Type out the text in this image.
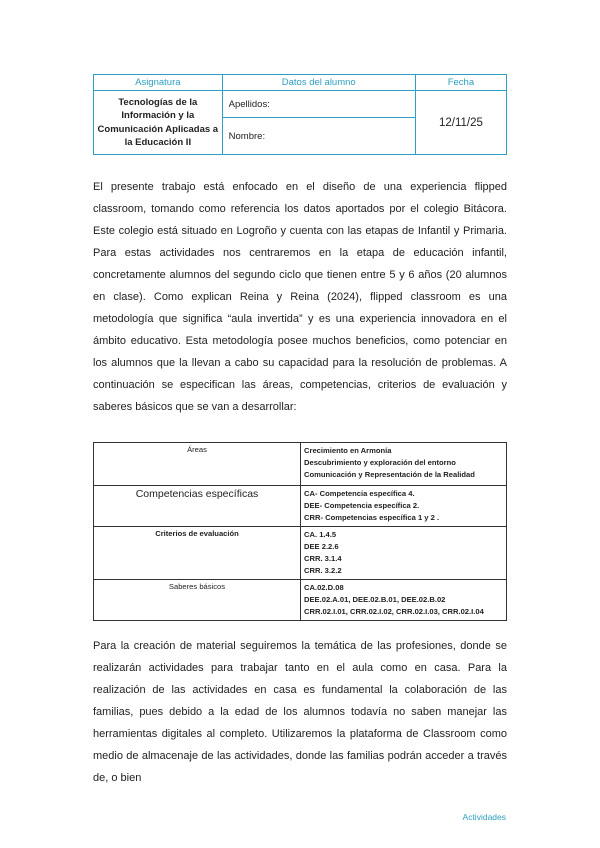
Asignatura	Datos del alumno	Fecha
Tecnologías de la Información y la Comunicación Aplicadas a la Educación II	Apellidos:	12/11/25
	Nombre:	

El presente trabajo está enfocado en el diseño de una experiencia flipped classroom, tomando como referencia los datos aportados por el colegio Bitácora. Este colegio está situado en Logroño y cuenta con las etapas de Infantil y Primaria. Para estas actividades nos centraremos en la etapa de educación infantil, concretamente alumnos del segundo ciclo que tienen entre 5 y 6 años (20 alumnos en clase). Como explican Reina y Reina (2024), flipped classroom es una metodología que significa “aula invertida” y es una experiencia innovadora en el ámbito educativo. Esta metodología posee muchos beneficios, como potenciar en los alumnos que la llevan a cabo su capacidad para la resolución de problemas. A continuación se especifican las áreas, competencias, criterios de evaluación y saberes básicos que se van a desarrollar:

Áreas	Crecimiento en Armonía
Descubrimiento y exploración del entorno
Comunicación y Representación de la Realidad

Competencias específicas	CA- Competencia específica 4.
DEE- Competencia específica 2.
CRR- Competencias específica 1 y 2 .

Criterios de evaluación	CA. 1.4.5
DEE 2.2.6
CRR. 3.1.4
CRR. 3.2.2

Saberes básicos	CA.02.D.08
DEE.02.A.01, DEE.02.B.01, DEE.02.B.02
CRR.02.I.01, CRR.02.I.02, CRR.02.I.03, CRR.02.I.04

Para la creación de material seguiremos la temática de las profesiones, donde se realizarán actividades para trabajar tanto en el aula como en casa. Para la realización de las actividades en casa es fundamental la colaboración de las familias, pues debido a la edad de los alumnos todavía no saben manejar las herramientas digitales al completo. Utilizaremos la plataforma de Classroom como medio de almacenaje de las actividades, donde las familias podrán acceder a través de, o bien

Actividades
